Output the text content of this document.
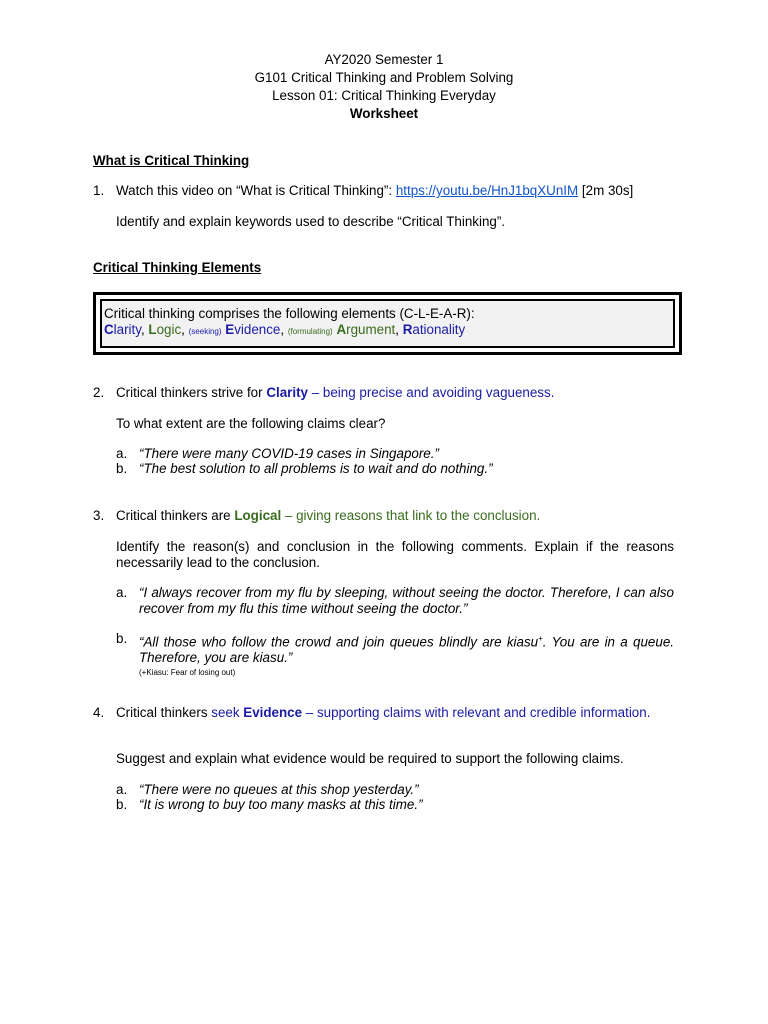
AY2020 Semester 1
G101 Critical Thinking and Problem Solving
Lesson 01: Critical Thinking Everyday
Worksheet
What is Critical Thinking
1. Watch this video on “What is Critical Thinking”: https://youtu.be/HnJ1bqXUnIM [2m 30s]
Identify and explain keywords used to describe “Critical Thinking”.
Critical Thinking Elements
Critical thinking comprises the following elements (C-L-E-A-R):
Clarity, Logic, (seeking) Evidence, (formulating) Argument, Rationality
2. Critical thinkers strive for Clarity – being precise and avoiding vagueness.
To what extent are the following claims clear?
a. “There were many COVID-19 cases in Singapore.”
b. “The best solution to all problems is to wait and do nothing.”
3. Critical thinkers are Logical – giving reasons that link to the conclusion.
Identify the reason(s) and conclusion in the following comments. Explain if the reasons necessarily lead to the conclusion.
a. “I always recover from my flu by sleeping, without seeing the doctor. Therefore, I can also recover from my flu this time without seeing the doctor.”
b. “All those who follow the crowd and join queues blindly are kiasu+. You are in a queue. Therefore, you are kiasu.”
(+Kiasu: Fear of losing out)
4. Critical thinkers seek Evidence – supporting claims with relevant and credible information.
Suggest and explain what evidence would be required to support the following claims.
a. “There were no queues at this shop yesterday.”
b. “It is wrong to buy too many masks at this time.”
